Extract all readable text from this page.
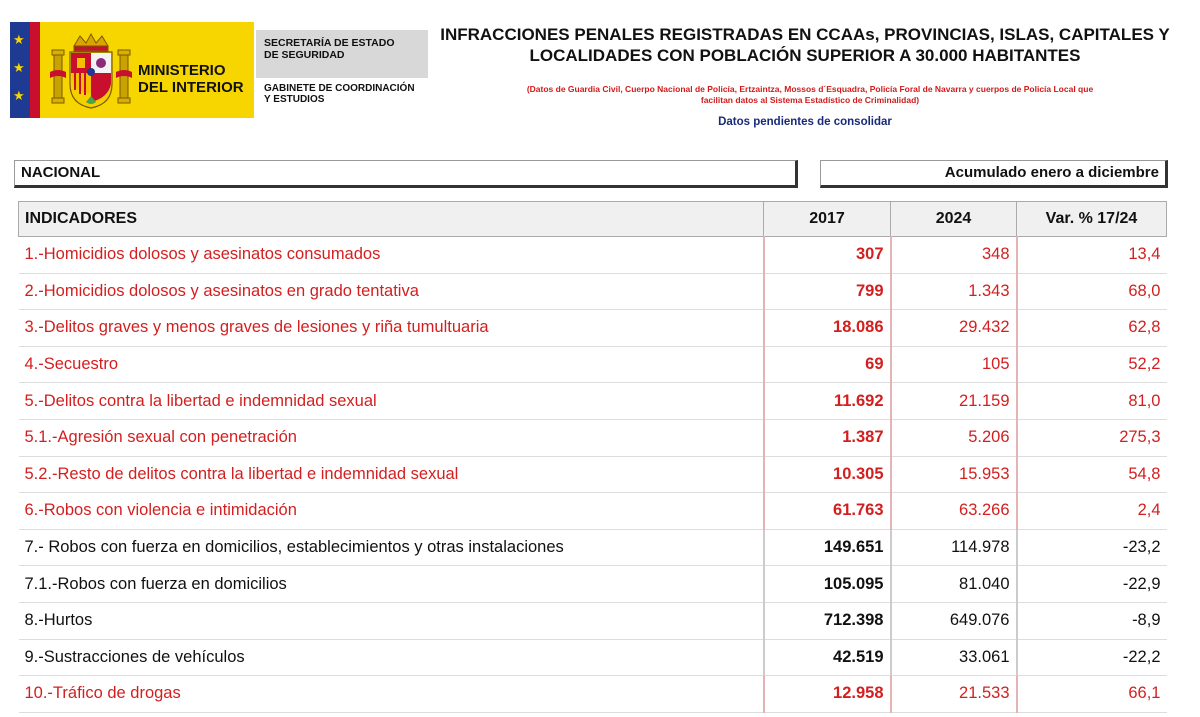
★
★
★
MINISTERIO
DEL INTERIOR
SECRETARÍA DE ESTADO
DE SEGURIDAD
GABINETE DE COORDINACIÓN
Y ESTUDIOS
INFRACCIONES PENALES REGISTRADAS EN CCAAs, PROVINCIAS, ISLAS, CAPITALES Y
LOCALIDADES CON POBLACIÓN SUPERIOR A 30.000 HABITANTES
(Datos de Guardia Civil, Cuerpo Nacional de Policía, Ertzaintza, Mossos d´Esquadra, Policía Foral de Navarra y cuerpos de Policía Local que
facilitan datos al Sistema Estadístico de Criminalidad)
Datos pendientes de consolidar
NACIONAL	Acumulado enero a diciembre
INDICADORES	2017	2024	Var. % 17/24
1.-Homicidios dolosos y asesinatos consumados	307	348	13,4
2.-Homicidios dolosos y asesinatos en grado tentativa	799	1.343	68,0
3.-Delitos graves y menos graves de lesiones y riña tumultuaria	18.086	29.432	62,8
4.-Secuestro	69	105	52,2
5.-Delitos contra la libertad e indemnidad sexual	11.692	21.159	81,0
5.1.-Agresión sexual con penetración	1.387	5.206	275,3
5.2.-Resto de delitos contra la libertad e indemnidad sexual	10.305	15.953	54,8
6.-Robos con violencia e intimidación	61.763	63.266	2,4
7.- Robos con fuerza en domicilios, establecimientos y otras instalaciones	149.651	114.978	-23,2
7.1.-Robos con fuerza en domicilios	105.095	81.040	-22,9
8.-Hurtos	712.398	649.076	-8,9
9.-Sustracciones de vehículos	42.519	33.061	-22,2
10.-Tráfico de drogas	12.958	21.533	66,1
